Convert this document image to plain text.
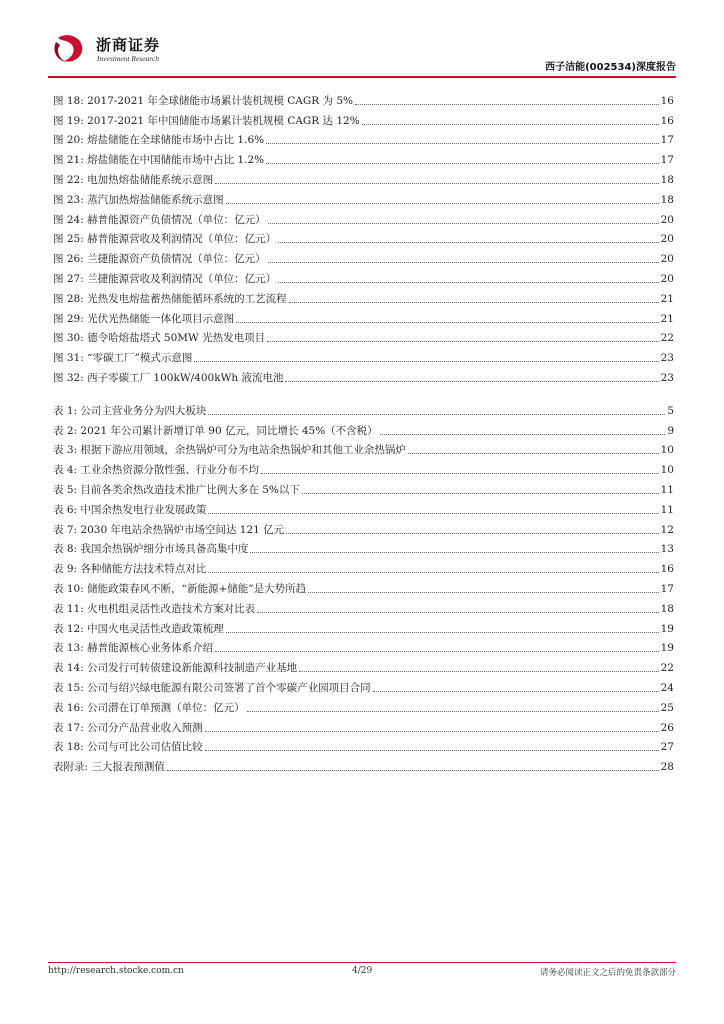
浙商证券
Investment Research
西子洁能(002534)深度报告
图 18: 2017-2021 年全球储能市场累计装机规模 CAGR 为 5%	16
图 19: 2017-2021 年中国储能市场累计装机规模 CAGR 达 12%	16
图 20: 熔盐储能在全球储能市场中占比 1.6%	17
图 21: 熔盐储能在中国储能市场中占比 1.2%	17
图 22: 电加热熔盐储能系统示意图	18
图 23: 蒸汽加热熔盐储能系统示意图	18
图 24: 赫普能源资产负债情况（单位：亿元）	20
图 25: 赫普能源营收及利润情况（单位：亿元）	20
图 26: 兰捷能源资产负债情况（单位：亿元）	20
图 27: 兰捷能源营收及利润情况（单位：亿元）	20
图 28: 光热发电熔盐蓄热储能循环系统的工艺流程	21
图 29: 光伏光热储能一体化项目示意图	21
图 30: 德令哈熔盐塔式 50MW 光热发电项目	22
图 31: “零碳工厂”模式示意图	23
图 32: 西子零碳工厂 100kW/400kWh 液流电池	23
表 1: 公司主营业务分为四大板块	5
表 2: 2021 年公司累计新增订单 90 亿元，同比增长 45%（不含税）	9
表 3: 根据下游应用领域，余热锅炉可分为电站余热锅炉和其他工业余热锅炉	10
表 4: 工业余热资源分散性强、行业分布不均	10
表 5: 目前各类余热改造技术推广比例大多在 5%以下	11
表 6: 中国余热发电行业发展政策	11
表 7: 2030 年电站余热锅炉市场空间达 121 亿元	12
表 8: 我国余热锅炉细分市场具备高集中度	13
表 9: 各种储能方法技术特点对比	16
表 10: 储能政策春风不断，“新能源+储能”是大势所趋	17
表 11: 火电机组灵活性改造技术方案对比表	18
表 12: 中国火电灵活性改造政策梳理	19
表 13: 赫普能源核心业务体系介绍	19
表 14: 公司发行可转债建设新能源科技制造产业基地	22
表 15: 公司与绍兴绿电能源有限公司签署了首个零碳产业园项目合同	24
表 16: 公司潜在订单预测（单位：亿元）	25
表 17: 公司分产品营业收入预测	26
表 18: 公司与可比公司估值比较	27
表附录: 三大报表预测值	28
http://research.stocke.com.cn	4/29	请务必阅读正文之后的免责条款部分
